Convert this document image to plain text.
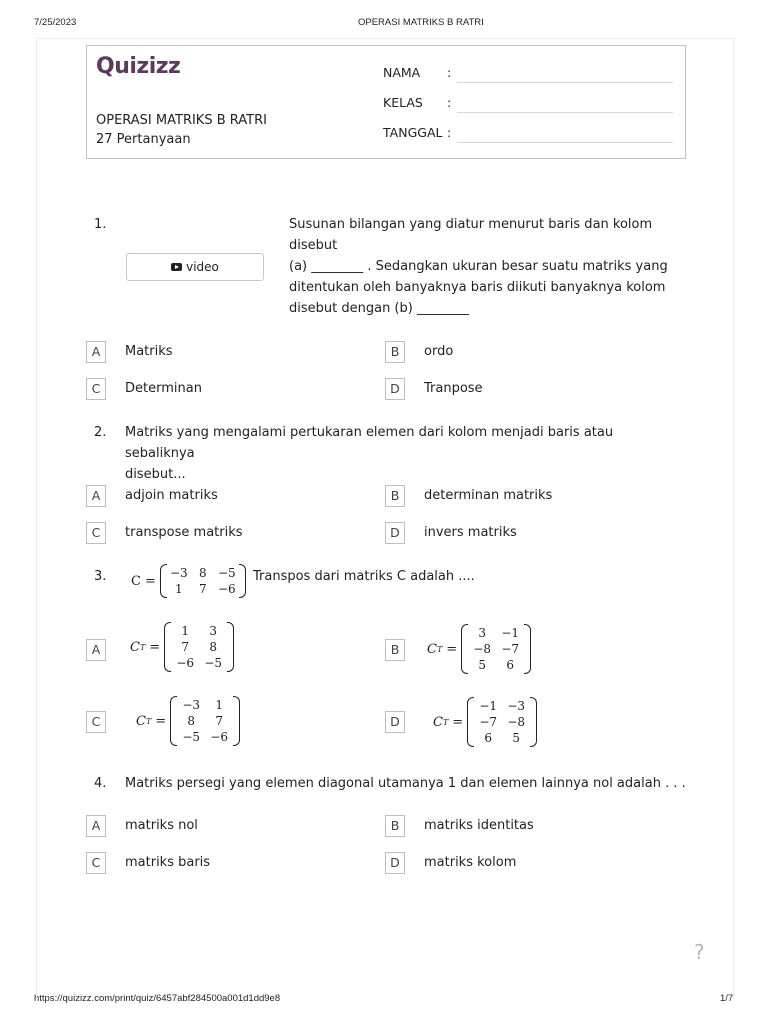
7/25/2023	OPERASI MATRIKS B RATRI
https://quizizz.com/print/quiz/6457abf284500a001d1dd9e8	1/7
Quizizz
OPERASI MATRIKS B RATRI
27 Pertanyaan
NAMA :
KELAS :
TANGGAL :
1.
video
Susunan bilangan yang diatur menurut baris dan kolom
disebut
(a) ________ . Sedangkan ukuran besar suatu matriks yang
ditentukan oleh banyaknya baris diikuti banyaknya kolom
disebut dengan (b) ________
A	Matriks	B	ordo
C	Determinan	D	Tranpose
2. Matriks yang mengalami pertukaran elemen dari kolom menjadi baris atau sebaliknya
disebut...
A	adjoin matriks	B	determinan matriks
C	transpose matriks	D	invers matriks
3. C =
−3 8 −5
1	7 −6
Transpos dari matriks C adalah ....
A	C T =
1	3
7	8
−6 −5
B	C T =
3	−1
−8 −7
5	6
C	C T =
−3	1
8	7
−5 −6
D	C T =
−1 −3
−7 −8
6	5
4. Matriks persegi yang elemen diagonal utamanya 1 dan elemen lainnya nol adalah . . .
A	matriks nol	B	matriks identitas
C	matriks baris	D	matriks kolom
?
